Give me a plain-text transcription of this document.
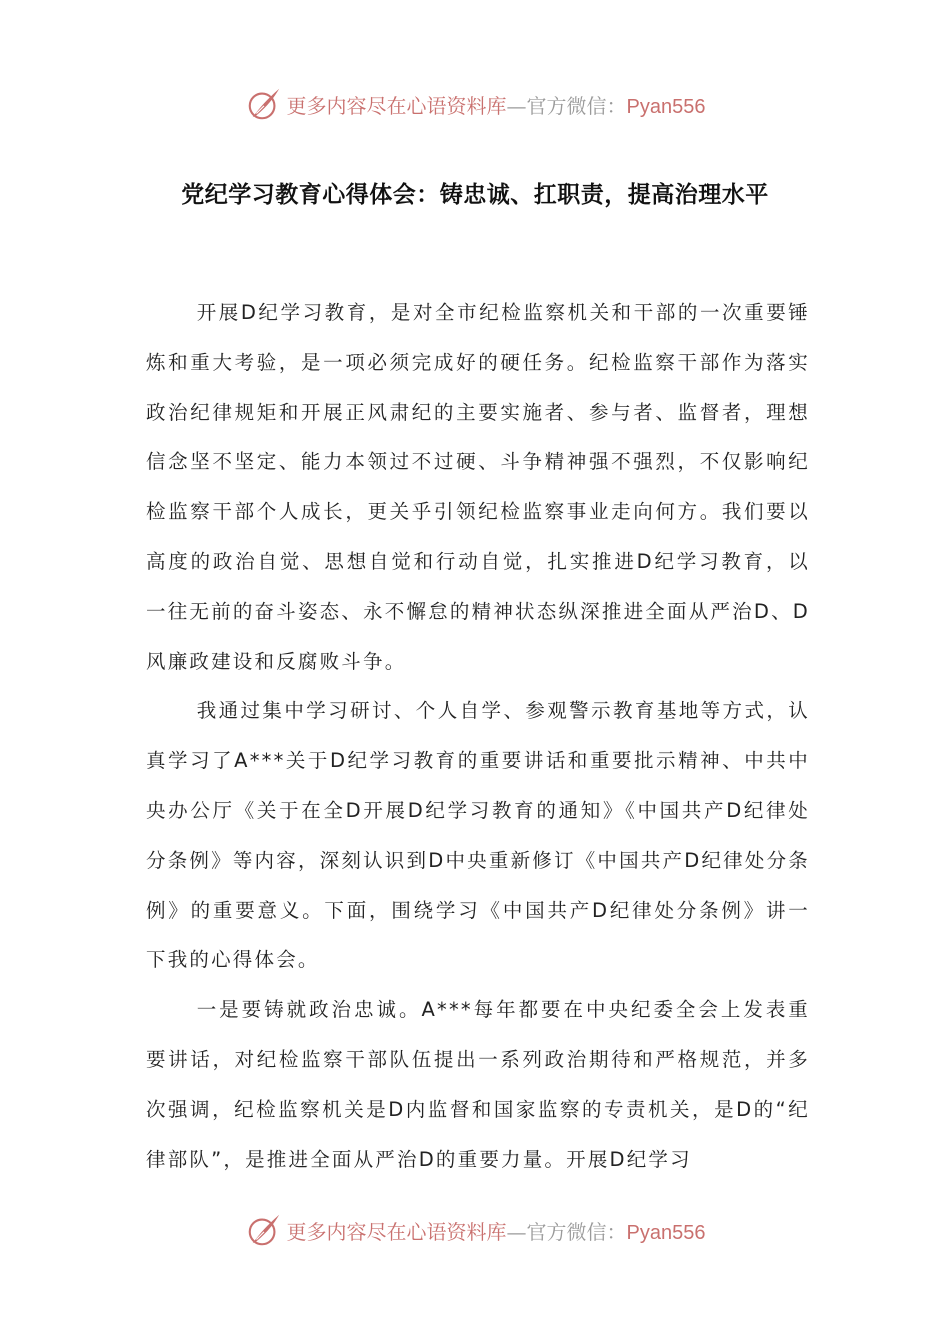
更多内容尽在心语资料库—官方微信：Pyan556
党纪学习教育心得体会：铸忠诚、扛职责，提高治理水平

开展D纪学习教育，是对全市纪检监察机关和干部的一次重要锤炼和重大考验，是一项必须完成好的硬任务。纪检监察干部作为落实政治纪律规矩和开展正风肃纪的主要实施者、参与者、监督者，理想信念坚不坚定、能力本领过不过硬、斗争精神强不强烈，不仅影响纪检监察干部个人成长，更关乎引领纪检监察事业走向何方。我们要以高度的政治自觉、思想自觉和行动自觉，扎实推进D纪学习教育，以一往无前的奋斗姿态、永不懈怠的精神状态纵深推进全面从严治D、D风廉政建设和反腐败斗争。

我通过集中学习研讨、个人自学、参观警示教育基地等方式，认真学习了A***关于D纪学习教育的重要讲话和重要批示精神、中共中央办公厅《关于在全D开展D纪学习教育的通知》《中国共产D纪律处分条例》等内容，深刻认识到D中央重新修订《中国共产D纪律处分条例》的重要意义。下面，围绕学习《中国共产D纪律处分条例》讲一下我的心得体会。

一是要铸就政治忠诚。A***每年都要在中央纪委全会上发表重要讲话，对纪检监察干部队伍提出一系列政治期待和严格规范，并多次强调，纪检监察机关是D内监督和国家监察的专责机关，是D的“纪律部队”，是推进全面从严治D的重要力量。开展D纪学习

更多内容尽在心语资料库—官方微信：Pyan556
